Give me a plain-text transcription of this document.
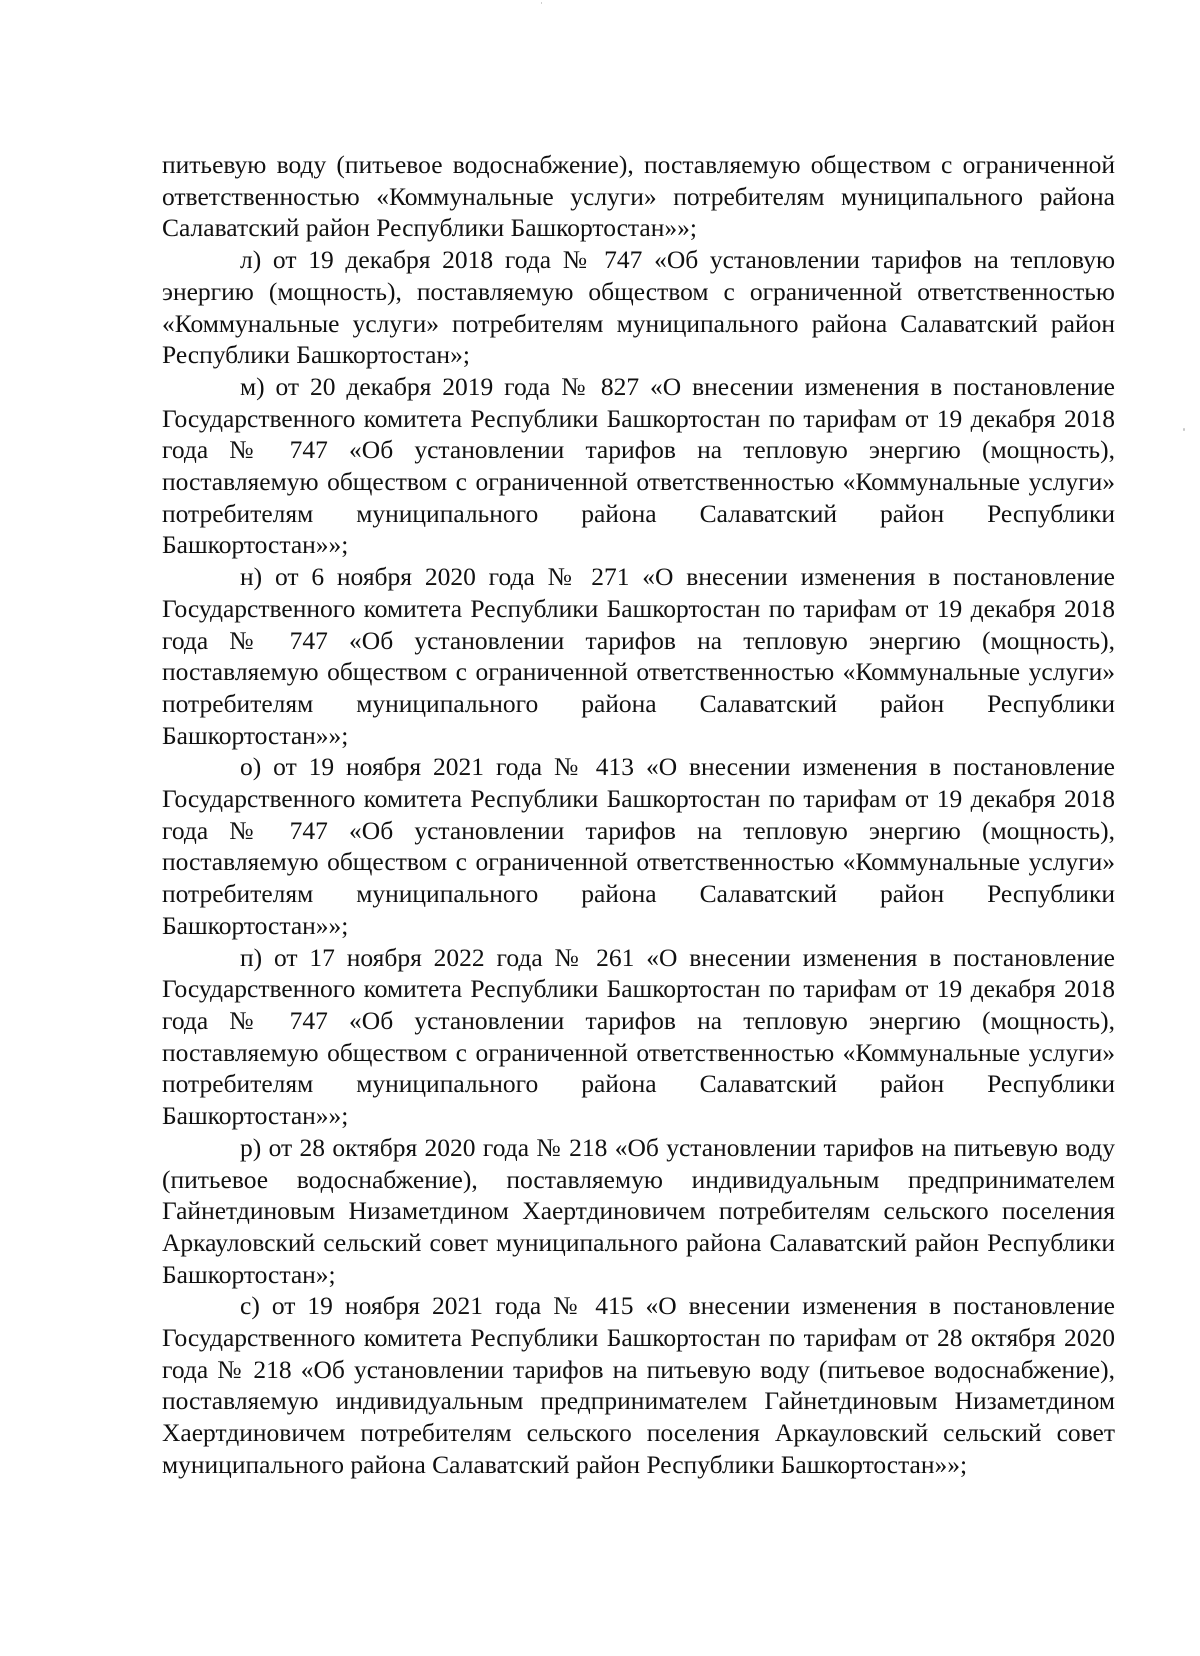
питьевую воду (питьевое водоснабжение), поставляемую обществом с ограниченной ответственностью «Коммунальные услуги» потребителям муниципального района Салаватский район Республики Башкортостан»»;

л) от 19 декабря 2018 года № 747 «Об установлении тарифов на тепловую энергию (мощность), поставляемую обществом с ограниченной ответственностью «Коммунальные услуги» потребителям муниципального района Салаватский район Республики Башкортостан»;

м) от 20 декабря 2019 года № 827 «О внесении изменения в постановление Государственного комитета Республики Башкортостан по тарифам от 19 декабря 2018 года № 747 «Об установлении тарифов на тепловую энергию (мощность), поставляемую обществом с ограниченной ответственностью «Коммунальные услуги» потребителям муниципального района Салаватский район Республики Башкортостан»»;

н) от 6 ноября 2020 года № 271 «О внесении изменения в постановление Государственного комитета Республики Башкортостан по тарифам от 19 декабря 2018 года № 747 «Об установлении тарифов на тепловую энергию (мощность), поставляемую обществом с ограниченной ответственностью «Коммунальные услуги» потребителям муниципального района Салаватский район Республики Башкортостан»»;

о) от 19 ноября 2021 года № 413 «О внесении изменения в постановление Государственного комитета Республики Башкортостан по тарифам от 19 декабря 2018 года № 747 «Об установлении тарифов на тепловую энергию (мощность), поставляемую обществом с ограниченной ответственностью «Коммунальные услуги» потребителям муниципального района Салаватский район Республики Башкортостан»»;

п) от 17 ноября 2022 года № 261 «О внесении изменения в постановление Государственного комитета Республики Башкортостан по тарифам от 19 декабря 2018 года № 747 «Об установлении тарифов на тепловую энергию (мощность), поставляемую обществом с ограниченной ответственностью «Коммунальные услуги» потребителям муниципального района Салаватский район Республики Башкортостан»»;

р) от 28 октября 2020 года № 218 «Об установлении тарифов на питьевую воду (питьевое водоснабжение), поставляемую индивидуальным предпринимателем Гайнетдиновым Низаметдином Хаертдиновичем потребителям сельского поселения Аркауловский сельский совет муниципального района Салаватский район Республики Башкортостан»;

с) от 19 ноября 2021 года № 415 «О внесении изменения в постановление Государственного комитета Республики Башкортостан по тарифам от 28 октября 2020 года № 218 «Об установлении тарифов на питьевую воду (питьевое водоснабжение), поставляемую индивидуальным предпринимателем Гайнетдиновым Низаметдином Хаертдиновичем потребителям сельского поселения Аркауловский сельский совет муниципального района Салаватский район Республики Башкортостан»»;
